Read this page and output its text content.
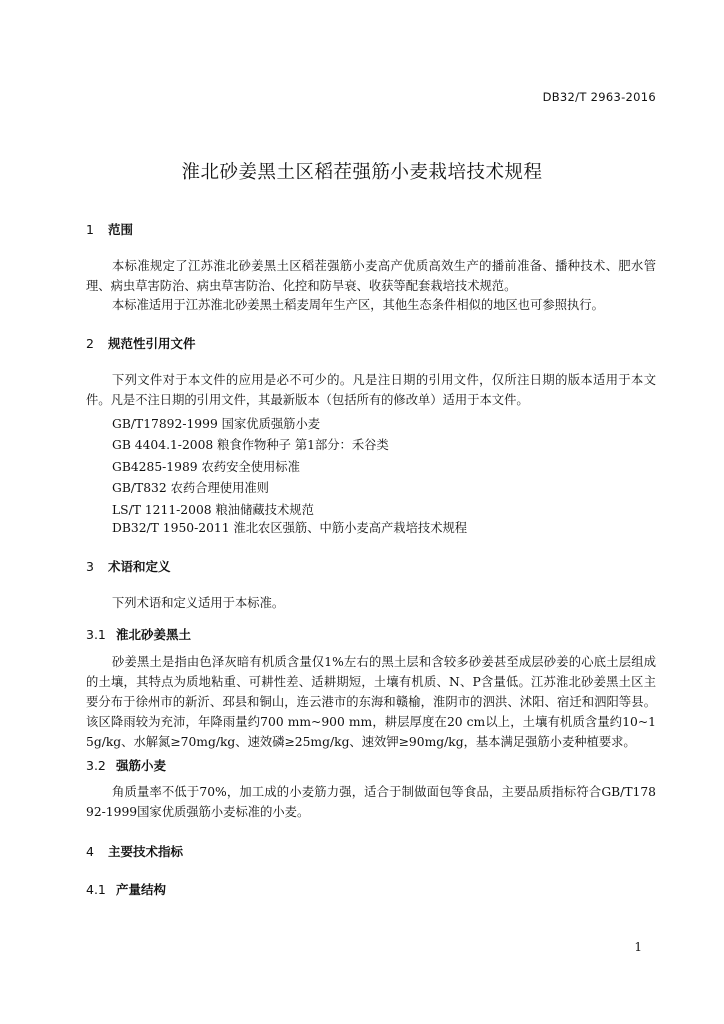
DB32/T 2963-2016
淮北砂姜黑土区稻茬强筋小麦栽培技术规程
1 范围
本标准规定了江苏淮北砂姜黑土区稻茬强筋小麦高产优质高效生产的播前准备、播种技术、肥水管理、病虫草害防治、病虫草害防治、化控和防旱衰、收获等配套栽培技术规范。
本标准适用于江苏淮北砂姜黑土稻麦周年生产区，其他生态条件相似的地区也可参照执行。
2 规范性引用文件
下列文件对于本文件的应用是必不可少的。凡是注日期的引用文件，仅所注日期的版本适用于本文件。凡是不注日期的引用文件，其最新版本（包括所有的修改单）适用于本文件。
GB/T17892-1999 国家优质强筋小麦
GB 4404.1-2008 粮食作物种子 第1部分：禾谷类
GB4285-1989 农药安全使用标准
GB/T832 农药合理使用准则
LS/T 1211-2008 粮油储藏技术规范
DB32/T 1950-2011 淮北农区强筋、中筋小麦高产栽培技术规程
3 术语和定义
下列术语和定义适用于本标准。
3.1 淮北砂姜黑土
砂姜黑土是指由色泽灰暗有机质含量仅1%左右的黑土层和含较多砂姜甚至成层砂姜的心底土层组成的土壤，其特点为质地粘重、可耕性差、适耕期短，土壤有机质、N、P含量低。江苏淮北砂姜黑土区主要分布于徐州市的新沂、邳县和铜山，连云港市的东海和赣榆，淮阴市的泗洪、沭阳、宿迁和泗阳等县。该区降雨较为充沛，年降雨量约700 mm~900 mm，耕层厚度在20 cm以上，土壤有机质含量约10~15g/kg、水解氮≥70mg/kg、速效磷≥25mg/kg、速效钾≥90mg/kg，基本满足强筋小麦种植要求。
3.2 强筋小麦
角质量率不低于70%，加工成的小麦筋力强，适合于制做面包等食品，主要品质指标符合GB/T17892-1999国家优质强筋小麦标准的小麦。
4 主要技术指标
4.1 产量结构
1
